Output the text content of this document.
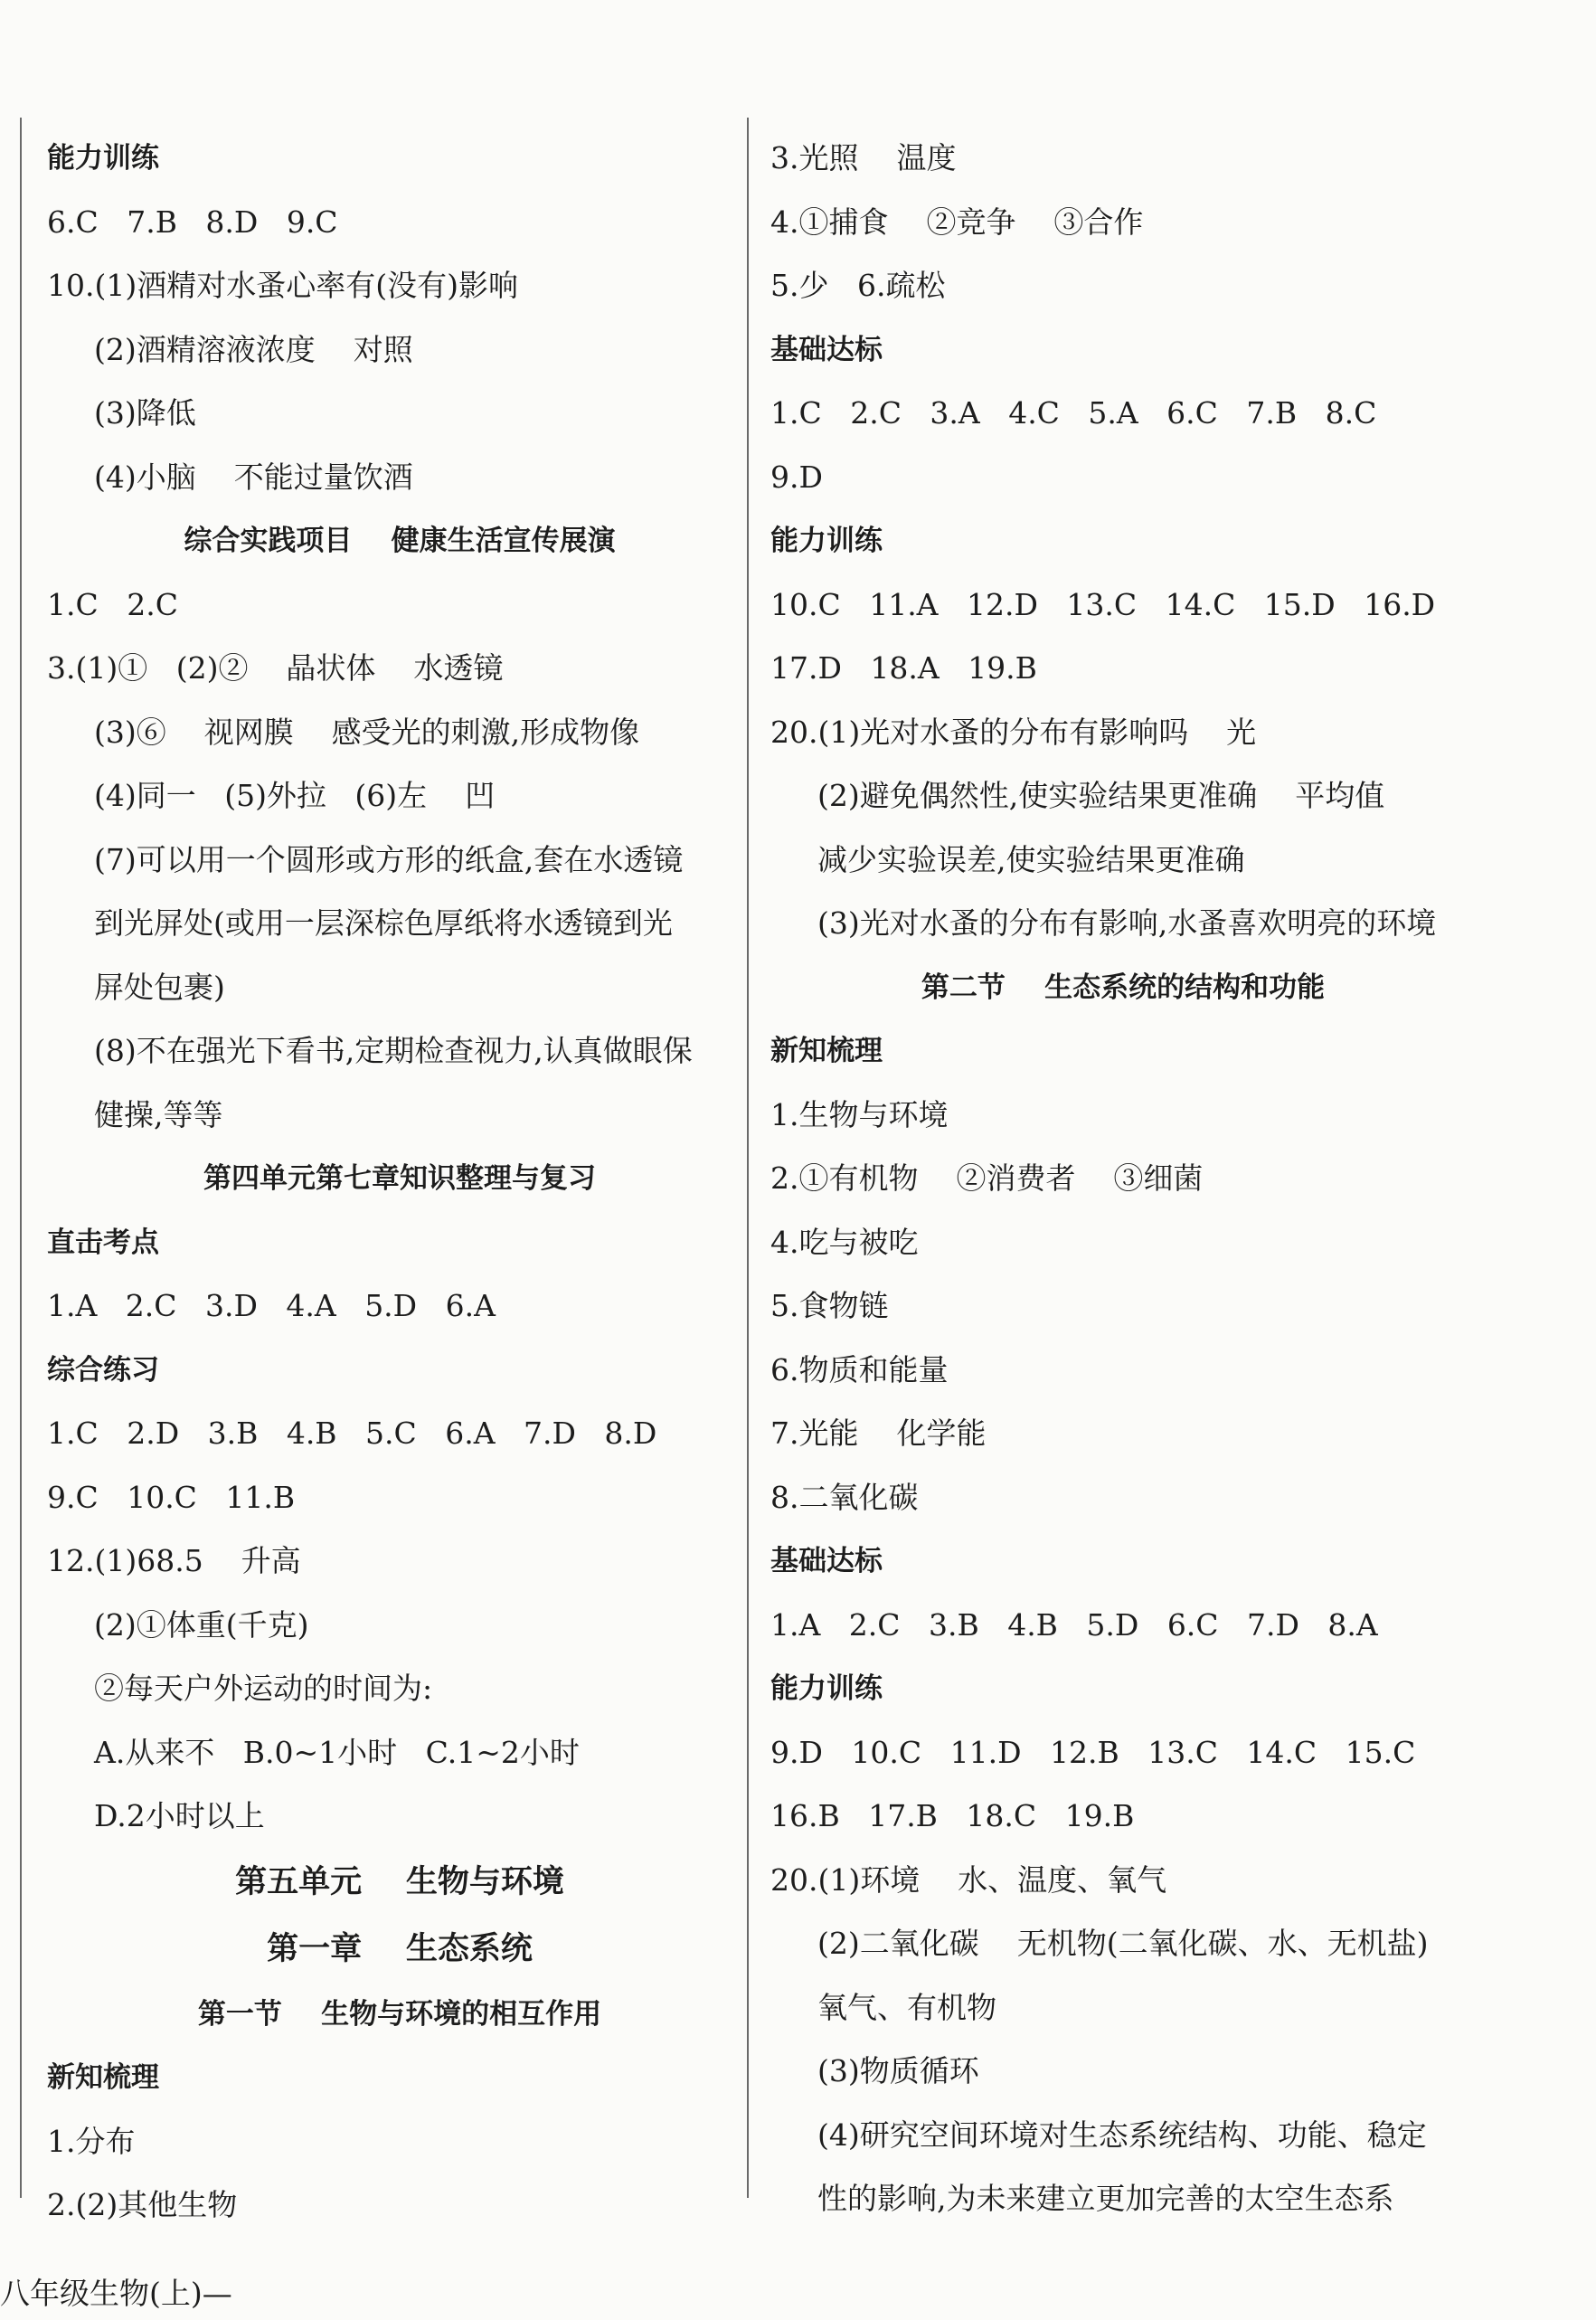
能力训练
6.C   7.B   8.D   9.C
10.(1)酒精对水蚤心率有(没有)影响
(2)酒精溶液浓度    对照
(3)降低
(4)小脑    不能过量饮酒
综合实践项目    健康生活宣传展演
1.C   2.C
3.(1)①   (2)②    晶状体    水透镜
(3)⑥    视网膜    感受光的刺激,形成物像
(4)同一   (5)外拉   (6)左    凹
(7)可以用一个圆形或方形的纸盒,套在水透镜
到光屏处(或用一层深棕色厚纸将水透镜到光
屏处包裹)
(8)不在强光下看书,定期检查视力,认真做眼保
健操,等等
第四单元第七章知识整理与复习
直击考点
1.A   2.C   3.D   4.A   5.D   6.A
综合练习
1.C   2.D   3.B   4.B   5.C   6.A   7.D   8.D
9.C   10.C   11.B
12.(1)68.5    升高
(2)①体重(千克)
②每天户外运动的时间为:
A.从来不   B.0~1小时   C.1~2小时
D.2小时以上
第五单元    生物与环境
第一章    生态系统
第一节    生物与环境的相互作用
新知梳理
1.分布
2.(2)其他生物
3.光照    温度
4.①捕食    ②竞争    ③合作
5.少   6.疏松
基础达标
1.C   2.C   3.A   4.C   5.A   6.C   7.B   8.C
9.D
能力训练
10.C   11.A   12.D   13.C   14.C   15.D   16.D
17.D   18.A   19.B
20.(1)光对水蚤的分布有影响吗    光
(2)避免偶然性,使实验结果更准确    平均值
减少实验误差,使实验结果更准确
(3)光对水蚤的分布有影响,水蚤喜欢明亮的环境
第二节    生态系统的结构和功能
新知梳理
1.生物与环境
2.①有机物    ②消费者    ③细菌
4.吃与被吃
5.食物链
6.物质和能量
7.光能    化学能
8.二氧化碳
基础达标
1.A   2.C   3.B   4.B   5.D   6.C   7.D   8.A
能力训练
9.D   10.C   11.D   12.B   13.C   14.C   15.C
16.B   17.B   18.C   19.B
20.(1)环境    水、温度、氧气
(2)二氧化碳    无机物(二氧化碳、水、无机盐)
氧气、有机物
(3)物质循环
(4)研究空间环境对生态系统结构、功能、稳定
性的影响,为未来建立更加完善的太空生态系
八年级生物(上)—
